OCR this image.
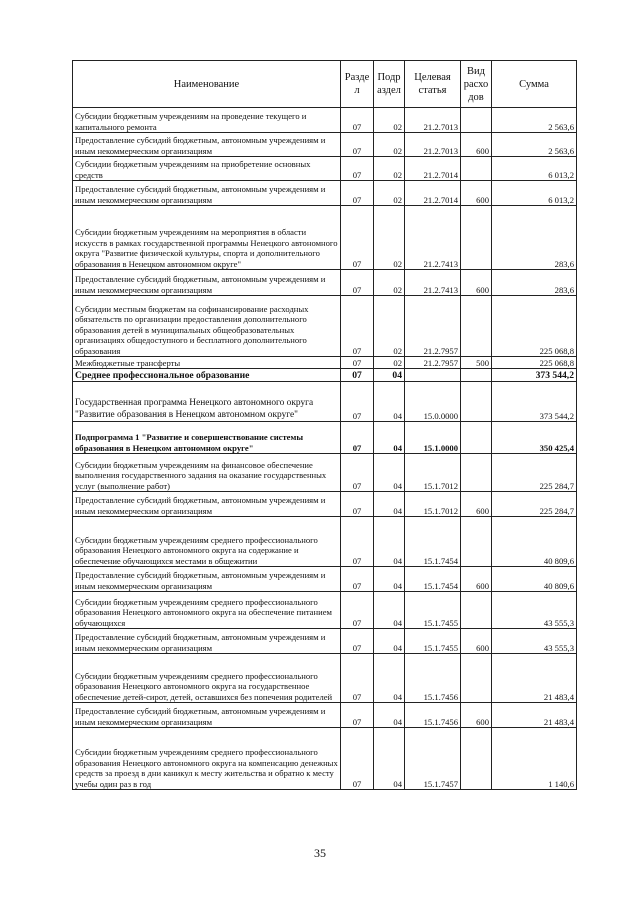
Наименование	Разде л	Подр аздел	Целевая статья	Вид расхо дов	Сумма
Субсидии бюджетным учреждениям на проведение текущего и капитального ремонта	07	02	21.2.7013		2 563,6
Предоставление субсидий бюджетным, автономным учреждениям и иным некоммерческим организациям	07	02	21.2.7013	600	2 563,6
Субсидии бюджетным учреждениям на приобретение основных средств	07	02	21.2.7014		6 013,2
Предоставление субсидий бюджетным, автономным учреждениям и иным некоммерческим организациям	07	02	21.2.7014	600	6 013,2
Субсидии бюджетным учреждениям на мероприятия в области искусств в рамках государственной программы Ненецкого автономного округа "Развитие физической культуры, спорта и дополнительного образования в Ненецком автономном округе"	07	02	21.2.7413		283,6
Предоставление субсидий бюджетным, автономным учреждениям и иным некоммерческим организациям	07	02	21.2.7413	600	283,6
Субсидии местным бюджетам на софинансирование расходных обязательств по организации предоставления дополнительного образования детей в муниципальных общеобразовательных организациях общедоступного и бесплатного дополнительного образования	07	02	21.2.7957		225 068,8
Межбюджетные трансферты	07	02	21.2.7957	500	225 068,8
Среднее профессиональное образование	07	04			373 544,2
Государственная программа Ненецкого автономного округа "Развитие образования в Ненецком автономном округе"	07	04	15.0.0000		373 544,2
Подпрограмма 1 "Развитие и совершенствование системы образования в Ненецком автономном округе"	07	04	15.1.0000		350 425,4
Субсидии бюджетным учреждениям на финансовое обеспечение выполнения государственного задания на оказание государственных услуг (выполнение работ)	07	04	15.1.7012		225 284,7
Предоставление субсидий бюджетным, автономным учреждениям и иным некоммерческим организациям	07	04	15.1.7012	600	225 284,7
Субсидии бюджетным учреждениям среднего профессионального образования Ненецкого автономного округа на содержание и обеспечение обучающихся местами в общежитии	07	04	15.1.7454		40 809,6
Предоставление субсидий бюджетным, автономным учреждениям и иным некоммерческим организациям	07	04	15.1.7454	600	40 809,6
Субсидии бюджетным учреждениям среднего профессионального образования Ненецкого автономного округа на обеспечение питанием обучающихся	07	04	15.1.7455		43 555,3
Предоставление субсидий бюджетным, автономным учреждениям и иным некоммерческим организациям	07	04	15.1.7455	600	43 555,3
Субсидии бюджетным учреждениям среднего профессионального образования Ненецкого автономного округа на государственное обеспечение детей-сирот, детей, оставшихся без попечения родителей	07	04	15.1.7456		21 483,4
Предоставление субсидий бюджетным, автономным учреждениям и иным некоммерческим организациям	07	04	15.1.7456	600	21 483,4
Субсидии бюджетным учреждениям среднего профессионального образования Ненецкого автономного округа на компенсацию денежных средств за проезд в дни каникул к месту жительства и обратно к месту учебы один раз в год	07	04	15.1.7457		1 140,6
35
